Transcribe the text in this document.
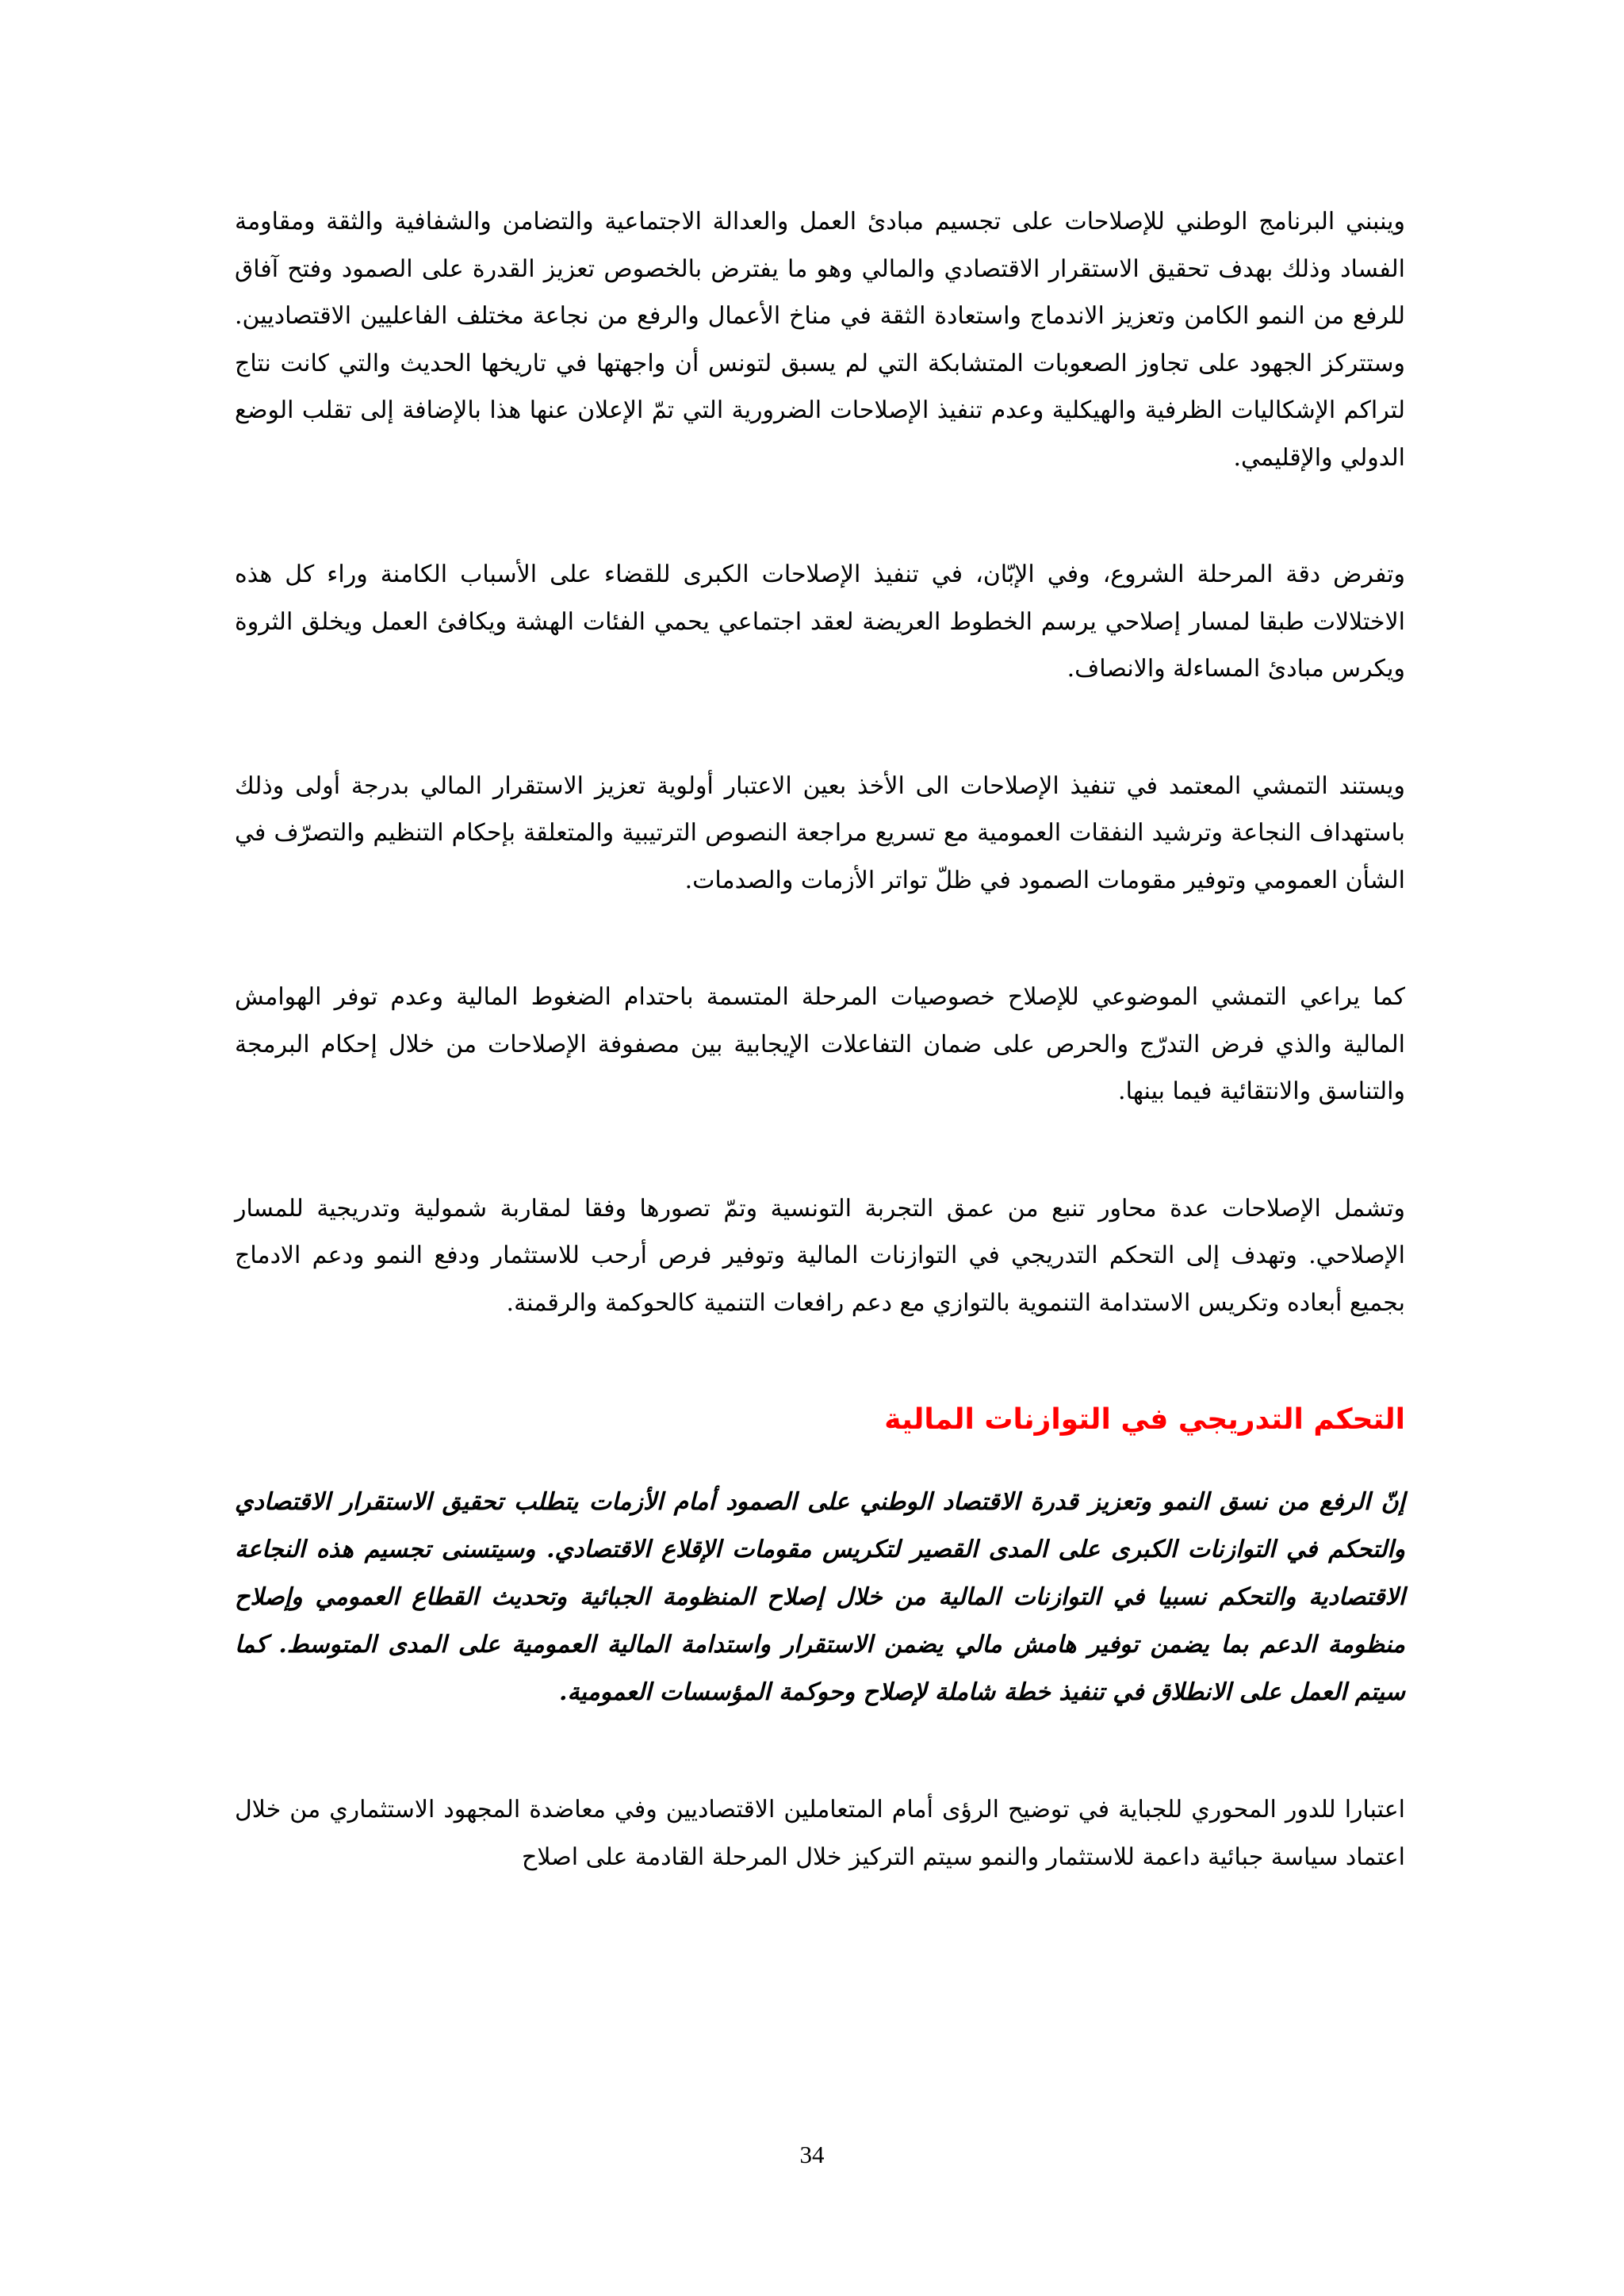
وينبني البرنامج الوطني للإصلاحات على تجسيم مبادئ العمل والعدالة الاجتماعية والتضامن والشفافية والثقة ومقاومة الفساد وذلك بهدف تحقيق الاستقرار الاقتصادي والمالي وهو ما يفترض بالخصوص تعزيز القدرة على الصمود وفتح آفاق للرفع من النمو الكامن وتعزيز الاندماج واستعادة الثقة في مناخ الأعمال والرفع من نجاعة مختلف الفاعليين الاقتصاديين. وستتركز الجهود على تجاوز الصعوبات المتشابكة التي لم يسبق لتونس أن واجهتها في تاريخها الحديث والتي كانت نتاج لتراكم الإشكاليات الظرفية والهيكلية وعدم تنفيذ الإصلاحات الضرورية التي تمّ الإعلان عنها هذا بالإضافة إلى تقلب الوضع الدولي والإقليمي.

وتفرض دقة المرحلة الشروع، وفي الإبّان، في تنفيذ الإصلاحات الكبرى للقضاء على الأسباب الكامنة وراء كل هذه الاختلالات طبقا لمسار إصلاحي يرسم الخطوط العريضة لعقد اجتماعي يحمي الفئات الهشة ويكافئ العمل ويخلق الثروة ويكرس مبادئ المساءلة والانصاف.

ويستند التمشي المعتمد في تنفيذ الإصلاحات الى الأخذ بعين الاعتبار أولوية تعزيز الاستقرار المالي بدرجة أولى وذلك باستهداف النجاعة وترشيد النفقات العمومية مع تسريع مراجعة النصوص الترتيبية والمتعلقة بإحكام التنظيم والتصرّف في الشأن العمومي وتوفير مقومات الصمود في ظلّ تواتر الأزمات والصدمات.

كما يراعي التمشي الموضوعي للإصلاح خصوصيات المرحلة المتسمة باحتدام الضغوط المالية وعدم توفر الهوامش المالية والذي فرض التدرّج والحرص على ضمان التفاعلات الإيجابية بين مصفوفة الإصلاحات من خلال إحكام البرمجة والتناسق والانتقائية فيما بينها.

وتشمل الإصلاحات عدة محاور تنبع من عمق التجربة التونسية وتمّ تصورها وفقا لمقاربة شمولية وتدريجية للمسار الإصلاحي. وتهدف إلى التحكم التدريجي في التوازنات المالية وتوفير فرص أرحب للاستثمار ودفع النمو ودعم الادماج بجميع أبعاده وتكريس الاستدامة التنموية بالتوازي مع دعم رافعات التنمية كالحوكمة والرقمنة.

التحكم التدريجي في التوازنات المالية

إنّ الرفع من نسق النمو وتعزيز قدرة الاقتصاد الوطني على الصمود أمام الأزمات يتطلب تحقيق الاستقرار الاقتصادي والتحكم في التوازنات الكبرى على المدى القصير لتكريس مقومات الإقلاع الاقتصادي. وسيتسنى تجسيم هذه النجاعة الاقتصادية والتحكم نسبيا في التوازنات المالية من خلال إصلاح المنظومة الجبائية وتحديث القطاع العمومي وإصلاح منظومة الدعم بما يضمن توفير هامش مالي يضمن الاستقرار واستدامة المالية العمومية على المدى المتوسط. كما سيتم العمل على الانطلاق في تنفيذ خطة شاملة لإصلاح وحوكمة المؤسسات العمومية.

اعتبارا للدور المحوري للجباية في توضيح الرؤى أمام المتعاملين الاقتصاديين وفي معاضدة المجهود الاستثماري من خلال اعتماد سياسة جبائية داعمة للاستثمار والنمو سيتم التركيز خلال المرحلة القادمة على اصلاح

34
